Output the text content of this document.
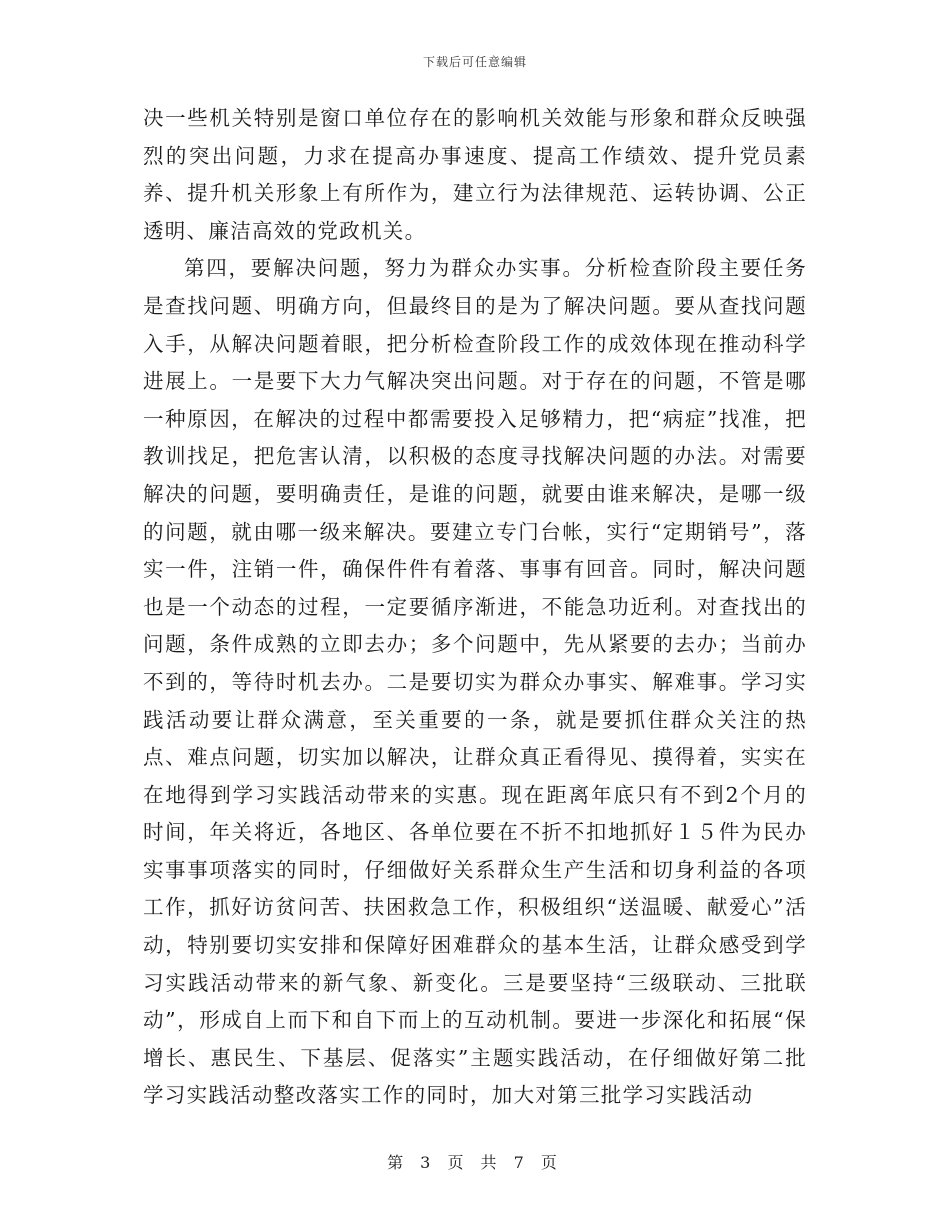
下载后可任意编辑

决一些机关特别是窗口单位存在的影响机关效能与形象和群众反映强烈的突出问题，力求在提高办事速度、提高工作绩效、提升党员素养、提升机关形象上有所作为，建立行为法律规范、运转协调、公正透明、廉洁高效的党政机关。

第四，要解决问题，努力为群众办实事。分析检查阶段主要任务是查找问题、明确方向，但最终目的是为了解决问题。要从查找问题入手，从解决问题着眼，把分析检查阶段工作的成效体现在推动科学进展上。一是要下大力气解决突出问题。对于存在的问题，不管是哪一种原因，在解决的过程中都需要投入足够精力，把“病症”找准，把教训找足，把危害认清，以积极的态度寻找解决问题的办法。对需要解决的问题，要明确责任，是谁的问题，就要由谁来解决，是哪一级的问题，就由哪一级来解决。要建立专门台帐，实行“定期销号”，落实一件，注销一件，确保件件有着落、事事有回音。同时，解决问题也是一个动态的过程，一定要循序渐进，不能急功近利。对查找出的问题，条件成熟的立即去办；多个问题中，先从紧要的去办；当前办不到的，等待时机去办。二是要切实为群众办事实、解难事。学习实践活动要让群众满意，至关重要的一条，就是要抓住群众关注的热点、难点问题，切实加以解决，让群众真正看得见、摸得着，实实在在地得到学习实践活动带来的实惠。现在距离年底只有不到2个月的时间，年关将近，各地区、各单位要在不折不扣地抓好１５件为民办实事事项落实的同时，仔细做好关系群众生产生活和切身利益的各项工作，抓好访贫问苦、扶困救急工作，积极组织“送温暖、献爱心”活动，特别要切实安排和保障好困难群众的基本生活，让群众感受到学习实践活动带来的新气象、新变化。三是要坚持“三级联动、三批联动”，形成自上而下和自下而上的互动机制。要进一步深化和拓展“保增长、惠民生、下基层、促落实”主题实践活动，在仔细做好第二批学习实践活动整改落实工作的同时，加大对第三批学习实践活动

第 3 页 共 7 页
